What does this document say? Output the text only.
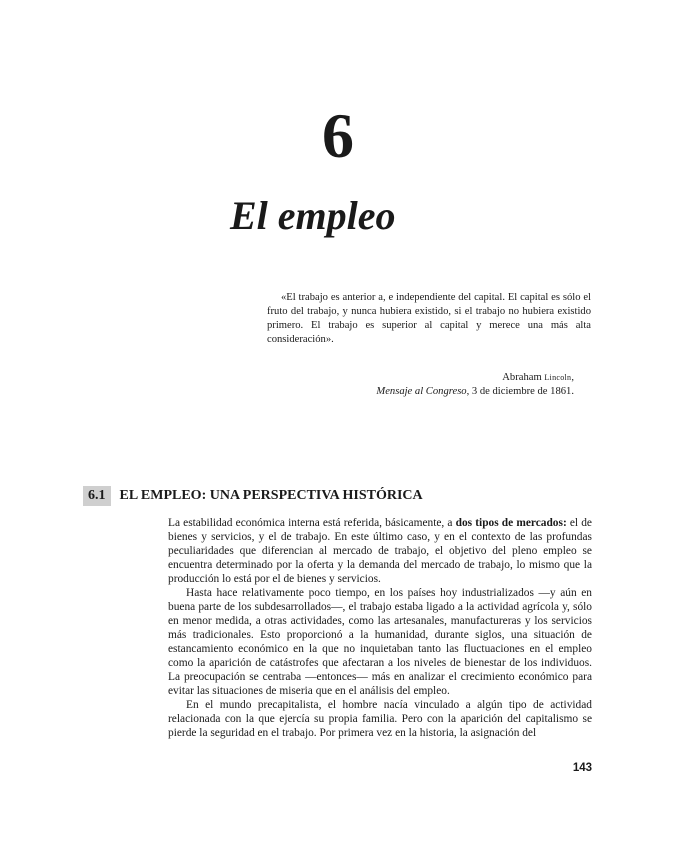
6
El empleo

«El trabajo es anterior a, e independiente del capital. El capital es sólo el fruto del trabajo, y nunca hubiera existido, si el trabajo no hubiera existido primero. El trabajo es superior al capital y merece una más alta consideración».

Abraham Lincoln,
Mensaje al Congreso, 3 de diciembre de 1861.
6.1 EL EMPLEO: UNA PERSPECTIVA HISTÓRICA

La estabilidad económica interna está referida, básicamente, a dos tipos de mercados: el de bienes y servicios, y el de trabajo. En este último caso, y en el contexto de las profundas peculiaridades que diferencian al mercado de trabajo, el objetivo del pleno empleo se encuentra determinado por la oferta y la demanda del mercado de trabajo, lo mismo que la producción lo está por el de bienes y servicios.

Hasta hace relativamente poco tiempo, en los países hoy industrializados —y aún en buena parte de los subdesarrollados—, el trabajo estaba ligado a la actividad agrícola y, sólo en menor medida, a otras actividades, como las artesanales, manufactureras y los servicios más tradicionales. Esto proporcionó a la humanidad, durante siglos, una situación de estancamiento económico en la que no inquietaban tanto las fluctuaciones en el empleo como la aparición de catástrofes que afectaran a los niveles de bienestar de los individuos. La preocupación se centraba —entonces— más en analizar el crecimiento económico para evitar las situaciones de miseria que en el análisis del empleo.

En el mundo precapitalista, el hombre nacía vinculado a algún tipo de actividad relacionada con la que ejercía su propia familia. Pero con la aparición del capitalismo se pierde la seguridad en el trabajo. Por primera vez en la historia, la asignación del

143
